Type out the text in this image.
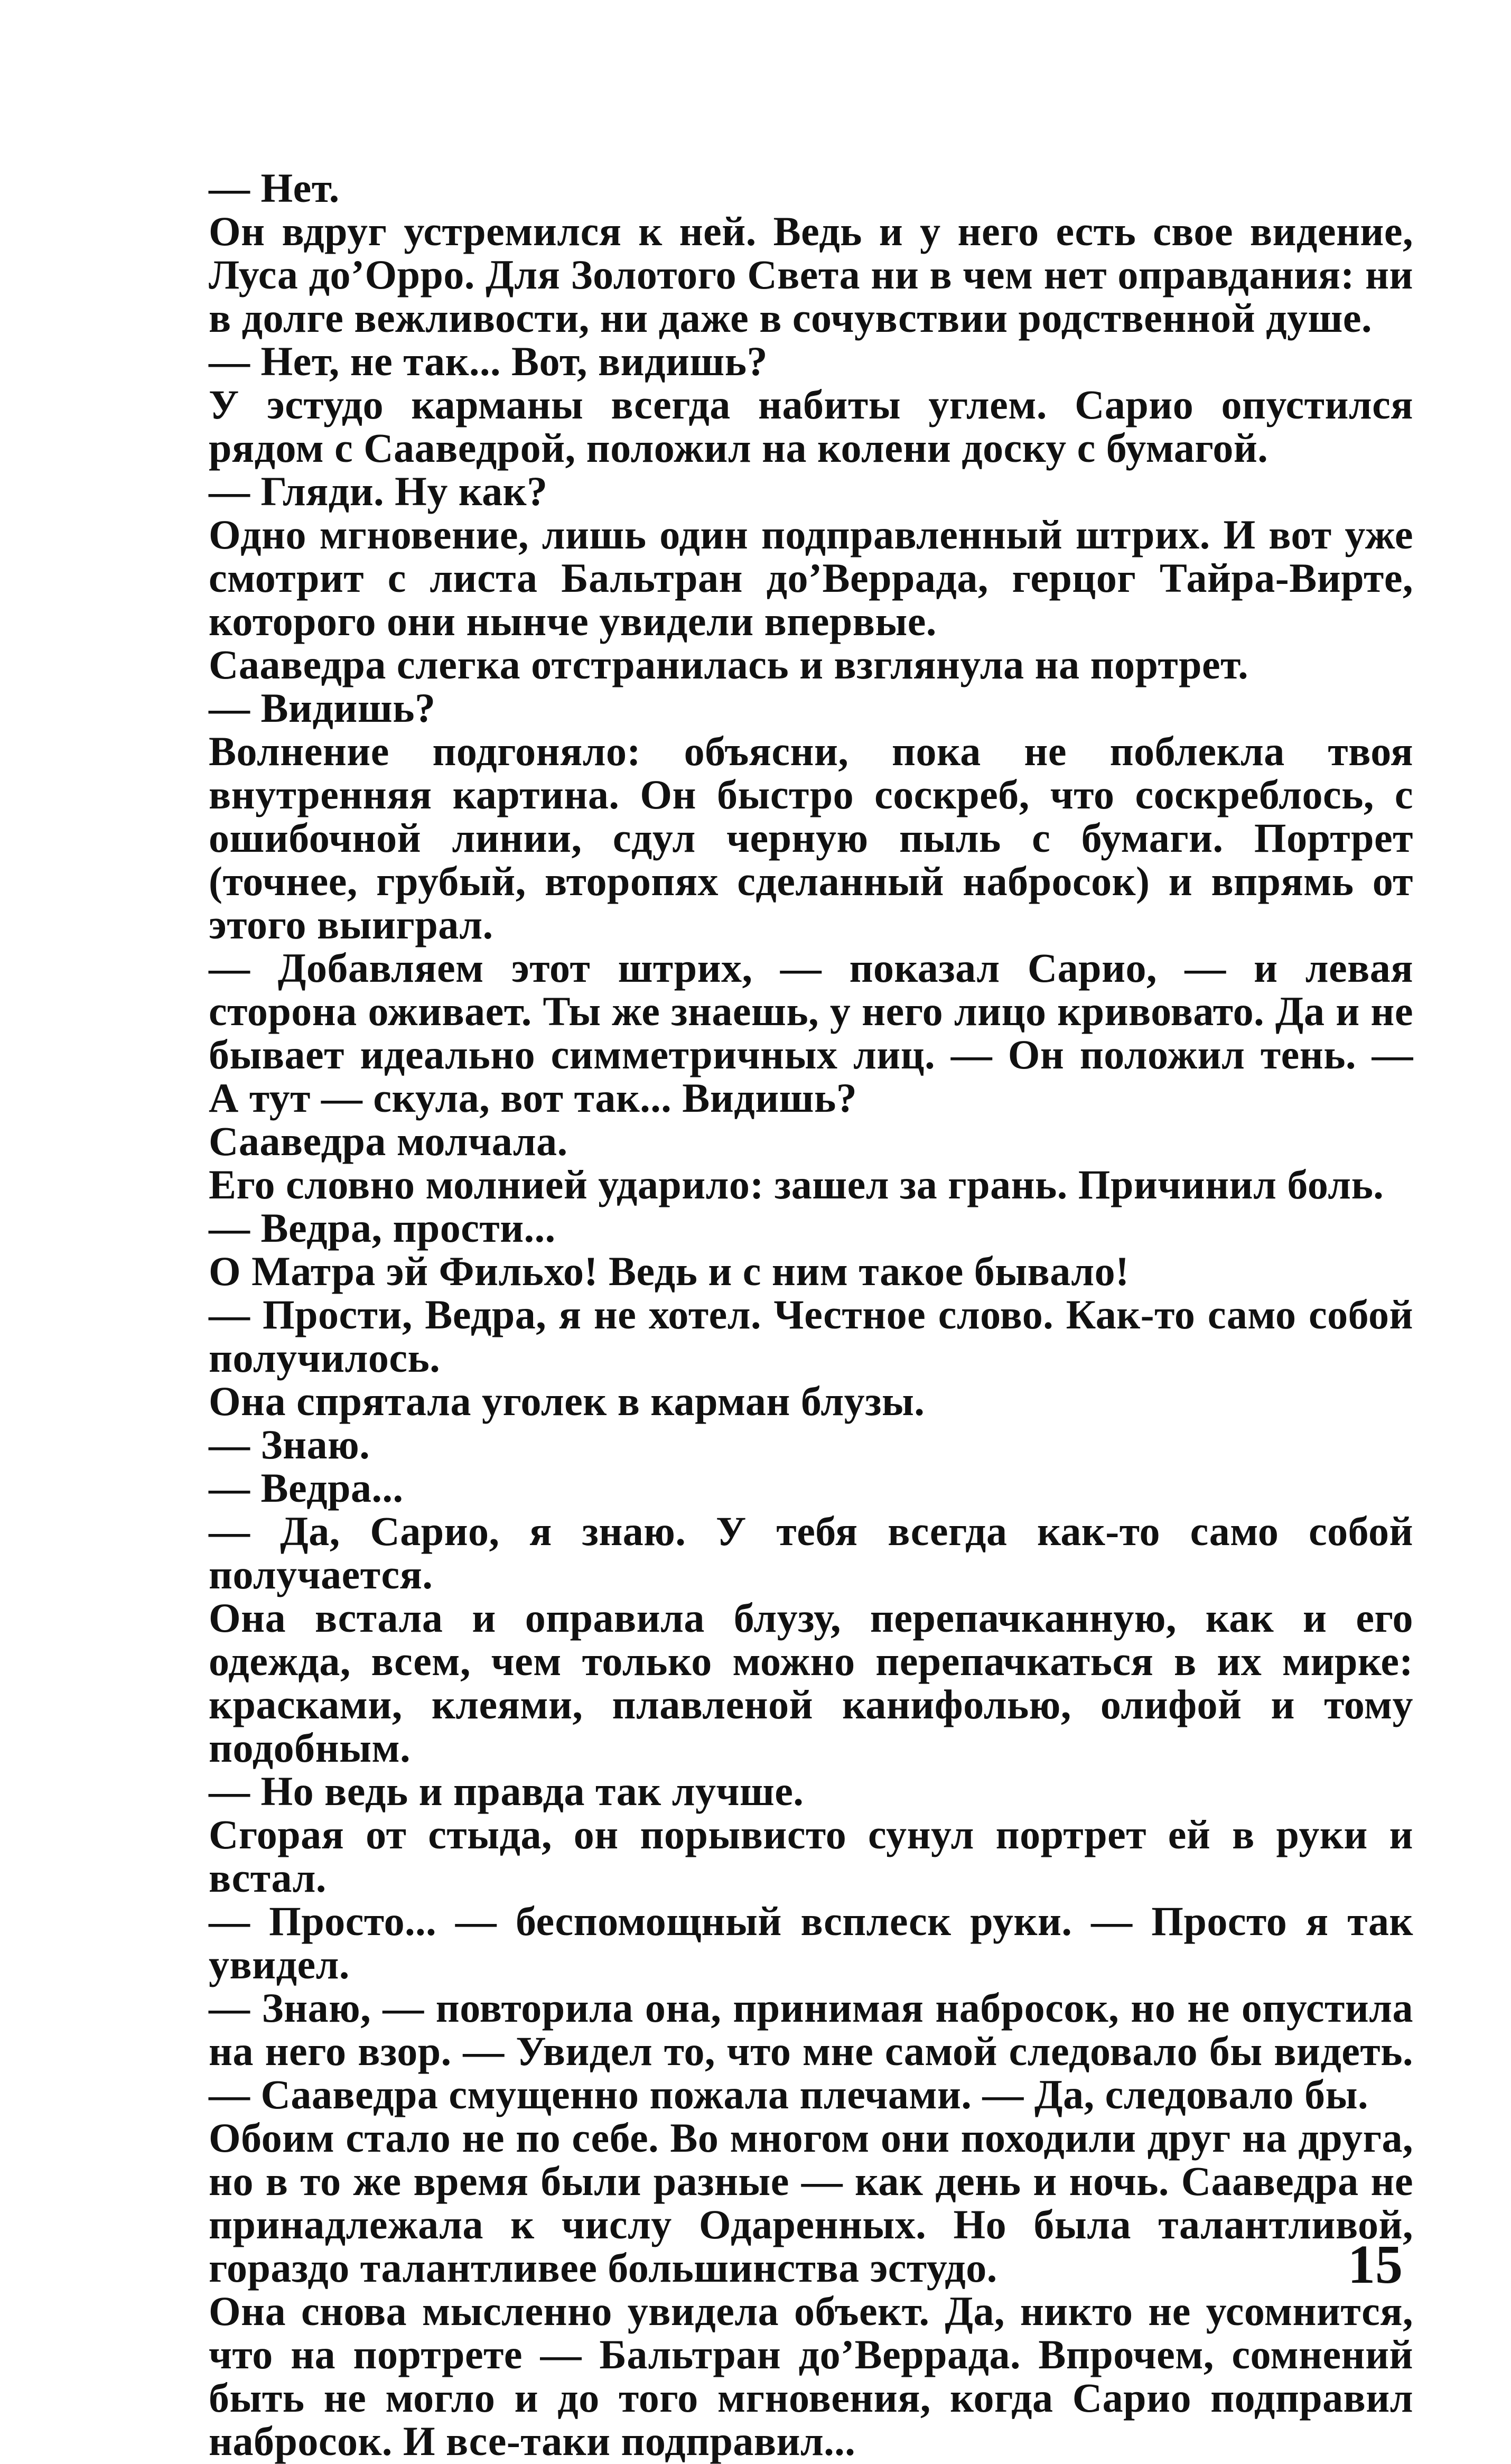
— Нет.

Он вдруг устремился к ней. Ведь и у него есть свое видение, Луса до’Орро. Для Золотого Света ни в чем нет оправдания: ни в долге вежливости, ни даже в сочувствии родственной душе.

— Нет, не так... Вот, видишь?

У эстудо карманы всегда набиты углем. Сарио опустился рядом с Сааведрой, положил на колени доску с бумагой.

— Гляди. Ну как?

Одно мгновение, лишь один подправленный штрих. И вот уже смотрит с листа Бальтран до’Веррада, герцог Тайра-Вирте, которого они нынче увидели впервые.

Сааведра слегка отстранилась и взглянула на портрет.

— Видишь?

Волнение подгоняло: объясни, пока не поблекла твоя внутренняя картина. Он быстро соскреб, что соскреблось, с ошибочной линии, сдул черную пыль с бумаги. Портрет (точнее, грубый, второпях сделанный набросок) и впрямь от этого выиграл.

— Добавляем этот штрих, — показал Сарио, — и левая сторона оживает. Ты же знаешь, у него лицо кривовато. Да и не бывает идеально симметричных лиц. — Он положил тень. — А тут — скула, вот так... Видишь?

Сааведра молчала.

Его словно молнией ударило: зашел за грань. Причинил боль.

— Ведра, прости...

О Матра эй Фильхо! Ведь и с ним такое бывало!

— Прости, Ведра, я не хотел. Честное слово. Как-то само собой получилось.

Она спрятала уголек в карман блузы.

— Знаю.

— Ведра...

— Да, Сарио, я знаю. У тебя всегда как-то само собой получается.

Она встала и оправила блузу, перепачканную, как и его одежда, всем, чем только можно перепачкаться в их мирке: красками, клеями, плавленой канифолью, олифой и тому подобным.

— Но ведь и правда так лучше.

Сгорая от стыда, он порывисто сунул портрет ей в руки и встал.

— Просто... — беспомощный всплеск руки. — Просто я так увидел.

— Знаю, — повторила она, принимая набросок, но не опустила на него взор. — Увидел то, что мне самой следовало бы видеть. — Сааведра смущенно пожала плечами. — Да, следовало бы.

Обоим стало не по себе. Во многом они походили друг на друга, но в то же время были разные — как день и ночь. Сааведра не принадлежала к числу Одаренных. Но была талантливой, гораздо талантливее большинства эстудо.

Она снова мысленно увидела объект. Да, никто не усомнится, что на портрете — Бальтран до’Веррада. Впрочем, сомнений быть не могло и до того мгновения, когда Сарио подправил набросок. И все-таки подправил...

15
